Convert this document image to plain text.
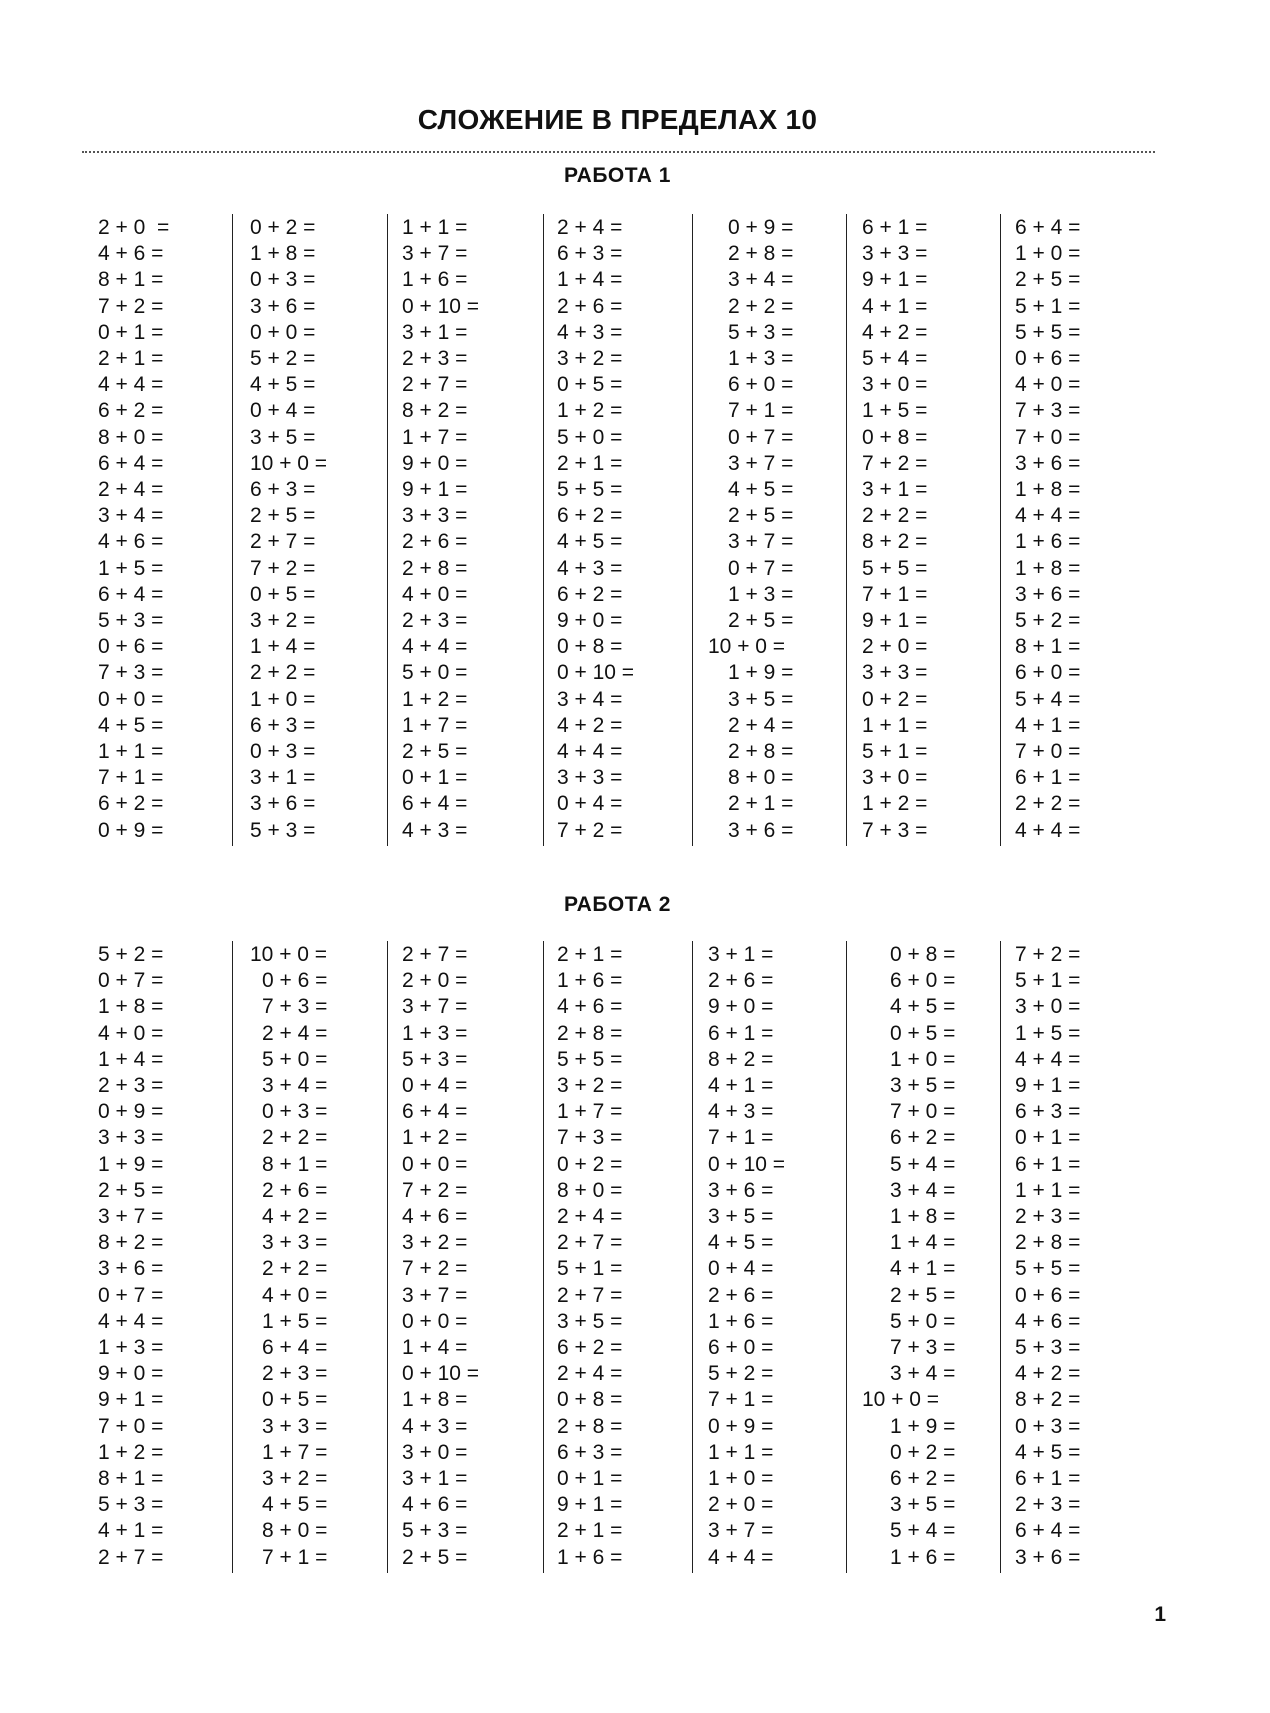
СЛОЖЕНИЕ В ПРЕДЕЛАХ 10
РАБОТА 1
РАБОТА 2
2 + 0  =
4 + 6 =
8 + 1 =
7 + 2 =
0 + 1 =
2 + 1 =
4 + 4 =
6 + 2 =
8 + 0 =
6 + 4 =
2 + 4 =
3 + 4 =
4 + 6 =
1 + 5 =
6 + 4 =
5 + 3 =
0 + 6 =
7 + 3 =
0 + 0 =
4 + 5 =
1 + 1 =
7 + 1 =
6 + 2 =
0 + 9 =
0 + 2 =
1 + 8 =
0 + 3 =
3 + 6 =
0 + 0 =
5 + 2 =
4 + 5 =
0 + 4 =
3 + 5 =
10 + 0 =
6 + 3 =
2 + 5 =
2 + 7 =
7 + 2 =
0 + 5 =
3 + 2 =
1 + 4 =
2 + 2 =
1 + 0 =
6 + 3 =
0 + 3 =
3 + 1 =
3 + 6 =
5 + 3 =
1 + 1 =
3 + 7 =
1 + 6 =
0 + 10 =
3 + 1 =
2 + 3 =
2 + 7 =
8 + 2 =
1 + 7 =
9 + 0 =
9 + 1 =
3 + 3 =
2 + 6 =
2 + 8 =
4 + 0 =
2 + 3 =
4 + 4 =
5 + 0 =
1 + 2 =
1 + 7 =
2 + 5 =
0 + 1 =
6 + 4 =
4 + 3 =
2 + 4 =
6 + 3 =
1 + 4 =
2 + 6 =
4 + 3 =
3 + 2 =
0 + 5 =
1 + 2 =
5 + 0 =
2 + 1 =
5 + 5 =
6 + 2 =
4 + 5 =
4 + 3 =
6 + 2 =
9 + 0 =
0 + 8 =
0 + 10 =
3 + 4 =
4 + 2 =
4 + 4 =
3 + 3 =
0 + 4 =
7 + 2 =
0 + 9 =
2 + 8 =
3 + 4 =
2 + 2 =
5 + 3 =
1 + 3 =
6 + 0 =
7 + 1 =
0 + 7 =
3 + 7 =
4 + 5 =
2 + 5 =
3 + 7 =
0 + 7 =
1 + 3 =
2 + 5 =
10 + 0 =
1 + 9 =
3 + 5 =
2 + 4 =
2 + 8 =
8 + 0 =
2 + 1 =
3 + 6 =
6 + 1 =
3 + 3 =
9 + 1 =
4 + 1 =
4 + 2 =
5 + 4 =
3 + 0 =
1 + 5 =
0 + 8 =
7 + 2 =
3 + 1 =
2 + 2 =
8 + 2 =
5 + 5 =
7 + 1 =
9 + 1 =
2 + 0 =
3 + 3 =
0 + 2 =
1 + 1 =
5 + 1 =
3 + 0 =
1 + 2 =
7 + 3 =
6 + 4 =
1 + 0 =
2 + 5 =
5 + 1 =
5 + 5 =
0 + 6 =
4 + 0 =
7 + 3 =
7 + 0 =
3 + 6 =
1 + 8 =
4 + 4 =
1 + 6 =
1 + 8 =
3 + 6 =
5 + 2 =
8 + 1 =
6 + 0 =
5 + 4 =
4 + 1 =
7 + 0 =
6 + 1 =
2 + 2 =
4 + 4 =
5 + 2 =
0 + 7 =
1 + 8 =
4 + 0 =
1 + 4 =
2 + 3 =
0 + 9 =
3 + 3 =
1 + 9 =
2 + 5 =
3 + 7 =
8 + 2 =
3 + 6 =
0 + 7 =
4 + 4 =
1 + 3 =
9 + 0 =
9 + 1 =
7 + 0 =
1 + 2 =
8 + 1 =
5 + 3 =
4 + 1 =
2 + 7 =
10 + 0 =
0 + 6 =
7 + 3 =
2 + 4 =
5 + 0 =
3 + 4 =
0 + 3 =
2 + 2 =
8 + 1 =
2 + 6 =
4 + 2 =
3 + 3 =
2 + 2 =
4 + 0 =
1 + 5 =
6 + 4 =
2 + 3 =
0 + 5 =
3 + 3 =
1 + 7 =
3 + 2 =
4 + 5 =
8 + 0 =
7 + 1 =
2 + 7 =
2 + 0 =
3 + 7 =
1 + 3 =
5 + 3 =
0 + 4 =
6 + 4 =
1 + 2 =
0 + 0 =
7 + 2 =
4 + 6 =
3 + 2 =
7 + 2 =
3 + 7 =
0 + 0 =
1 + 4 =
0 + 10 =
1 + 8 =
4 + 3 =
3 + 0 =
3 + 1 =
4 + 6 =
5 + 3 =
2 + 5 =
2 + 1 =
1 + 6 =
4 + 6 =
2 + 8 =
5 + 5 =
3 + 2 =
1 + 7 =
7 + 3 =
0 + 2 =
8 + 0 =
2 + 4 =
2 + 7 =
5 + 1 =
2 + 7 =
3 + 5 =
6 + 2 =
2 + 4 =
0 + 8 =
2 + 8 =
6 + 3 =
0 + 1 =
9 + 1 =
2 + 1 =
1 + 6 =
3 + 1 =
2 + 6 =
9 + 0 =
6 + 1 =
8 + 2 =
4 + 1 =
4 + 3 =
7 + 1 =
0 + 10 =
3 + 6 =
3 + 5 =
4 + 5 =
0 + 4 =
2 + 6 =
1 + 6 =
6 + 0 =
5 + 2 =
7 + 1 =
0 + 9 =
1 + 1 =
1 + 0 =
2 + 0 =
3 + 7 =
4 + 4 =
0 + 8 =
6 + 0 =
4 + 5 =
0 + 5 =
1 + 0 =
3 + 5 =
7 + 0 =
6 + 2 =
5 + 4 =
3 + 4 =
1 + 8 =
1 + 4 =
4 + 1 =
2 + 5 =
5 + 0 =
7 + 3 =
3 + 4 =
10 + 0 =
1 + 9 =
0 + 2 =
6 + 2 =
3 + 5 =
5 + 4 =
1 + 6 =
7 + 2 =
5 + 1 =
3 + 0 =
1 + 5 =
4 + 4 =
9 + 1 =
6 + 3 =
0 + 1 =
6 + 1 =
1 + 1 =
2 + 3 =
2 + 8 =
5 + 5 =
0 + 6 =
4 + 6 =
5 + 3 =
4 + 2 =
8 + 2 =
0 + 3 =
4 + 5 =
6 + 1 =
2 + 3 =
6 + 4 =
3 + 6 =
1
